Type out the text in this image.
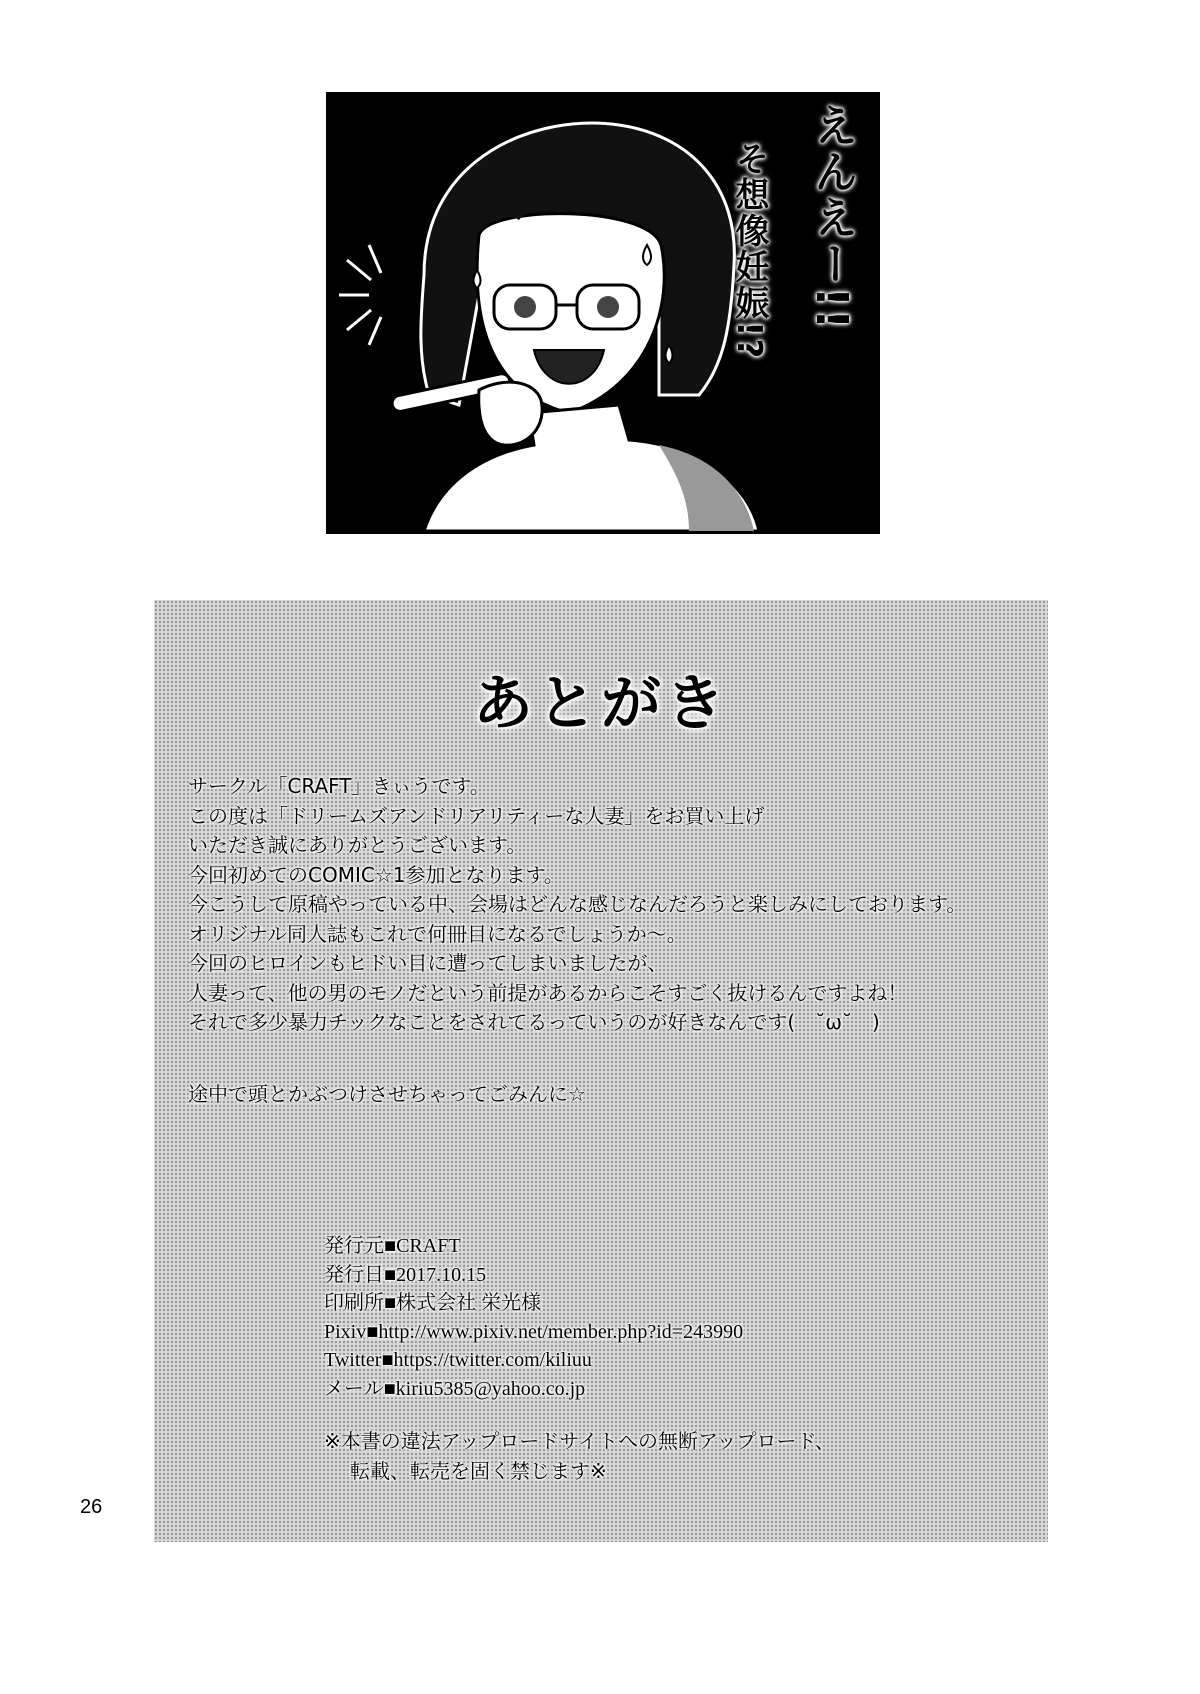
えんえー!!
そ想像妊娠!?
あとがき
サークル「CRAFT」きぃうです。
この度は「ドリームズアンドリアリティーな人妻」をお買い上げ
いただき誠にありがとうございます。
今回初めてのCOMIC☆1参加となります。
今こうして原稿やっている中、会場はどんな感じなんだろうと楽しみにしております。
オリジナル同人誌もこれで何冊目になるでしょうか〜。
今回のヒロインもヒドい目に遭ってしまいましたが、
人妻って、他の男のモノだという前提があるからこそすごく抜けるんですよね！
それで多少暴力チックなことをされてるっていうのが好きなんです(　˘ω˘　)
途中で頭とかぶつけさせちゃってごみんに☆
発行元■CRAFT
発行日■2017.10.15
印刷所■株式会社 栄光様
Pixiv■http://www.pixiv.net/member.php?id=243990
Twitter■https://twitter.com/kiliuu
メール■kiriu5385@yahoo.co.jp
※本書の違法アップロードサイトへの無断アップロード、
転載、転売を固く禁じます※
26
